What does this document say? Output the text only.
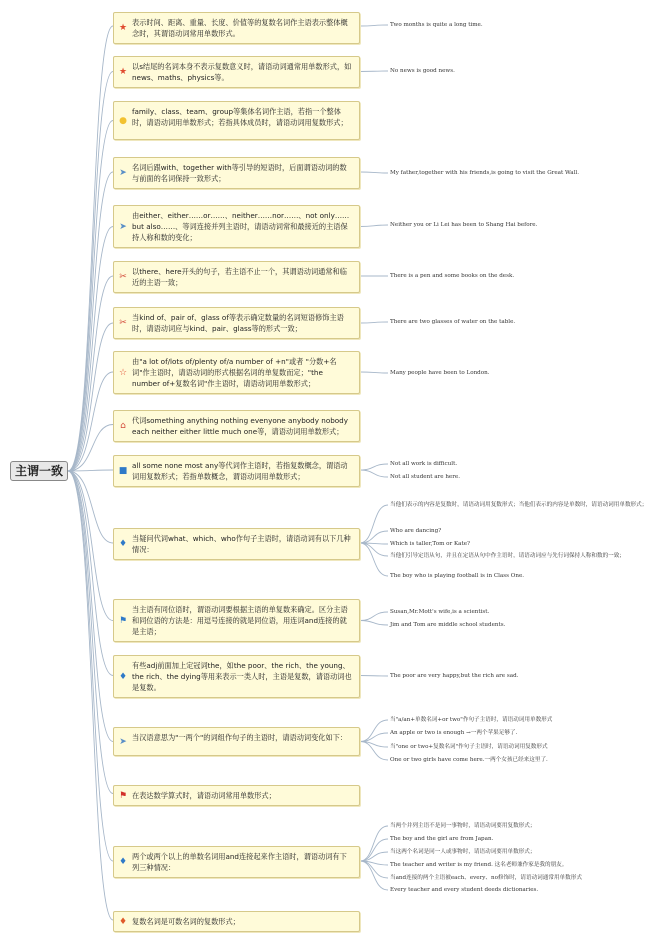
主谓一致
★
表示时间、距离、重量、长度、价值等的复数名词作主语表示整体概念时，其谓语动词常用单数形式。
★
以s结尾的名词本身不表示复数意义时，请语动词通常用单数形式，如news、maths、physics等。
●
family、class、team、group等集体名词作主语，若指一个整体时，请语动词用单数形式；若指具体成员时，请语动词用复数形式；
➤
名词后跟with、together with等引导的短语时，后面谓语动词的数与前面的名词保持一致形式；
➤
由either、either……or……、neither……nor……、not only……but also……、等词连接并列主语时，请语动词常和最接近的主语保持人称和数的变化；
✂
以there、here开头的句子，若主语不止一个，其谓语动词通常和临近的主语一致；
✂
当kind of、pair of、glass of等表示确定数量的名词短语修饰主语时，请语动词应与kind、pair、glass等的形式一致；
☆
由"a lot of/lots of/plenty of/a number of +n"或者 "分数+名词"作主语时，请语动词的形式根据名词的单复数而定；"the number of+复数名词"作主语时，请语动词用单数形式；
⌂
代词something anything nothing evenyone anybody nobody each neither either little much one等，请语动词用单数形式；
■
all some none most any等代词作主语时，若指复数概念，谓语动词用复数形式；若指单数概念，谓语动词用单数形式；
♦
当疑问代词what、which、who作句子主语时，请语动词有以下几种情况：
⚑
当主语有同位语时，谓语动词要根据主语的单复数来确定。区分主语和同位语的方法是：用逗号连接的就是同位语，用连词and连接的就是主语；
♦
有些adj前面加上定冠词the，如the poor、the rich、the young、the rich、the dying等用来表示一类人时，主语是复数，请语动词也是复数。
➤ 当汉语意思为"一两个"的词组作句子的主语时，请语动词变化如下：
⚑ 在表达数学算式时，请语动词常用单数形式；
♦
两个或两个以上的单数名词用and连接起来作主语时，谓语动词有下列三种情况：
♦ 复数名词是可数名词的复数形式；
Two months is quite a long time.
No news is good news.
My father,together with his friends,is going to visit the Great Wall.
Neither you or Li Lei has been to Shang Hai before.
There is a pen and some books on the desk.
There are two glasses of water on the table.
Many people have been to London.
Not all work is difficult.
Not all student are here.
当他们表示的内容是复数时，请语动词用复数形式；当他们表示的内容是单数时，请语动词用单数形式；
Who are dancing?
Which is taller,Tom or Kate?
当他们引导定语从句，并且在定语从句中作主语时，请语动词应与先行词保持人称和数的一致；
The boy who is playing football is in Class One.
Susan,Mr.Mott's wife,is a scientist.
Jim and Tom are middle school students.
The poor are very happy,but the rich are sad.
当"a/an+单数名词+or two"作句子主语时，请语动词用单数形式
An apple or two is enough →一两个苹果足够了.
当"one or two+复数名词"作句子主语时，请语动词用复数形式
One or two girls have come here.一两个女孩已经来这里了.
当两个并列主语不是同一事物时，请语动词要用复数形式；
The boy and the girl are from Japan.
当这两个名词是同一人或事物时，请语动词要用单数形式；
The teacher and writer is my friend. 这名老师兼作家是我的朋友。
当and连接的两个主语被each、every、no修饰时，请语动词通常用单数形式
Every teacher and every student deeds dictionaries.
